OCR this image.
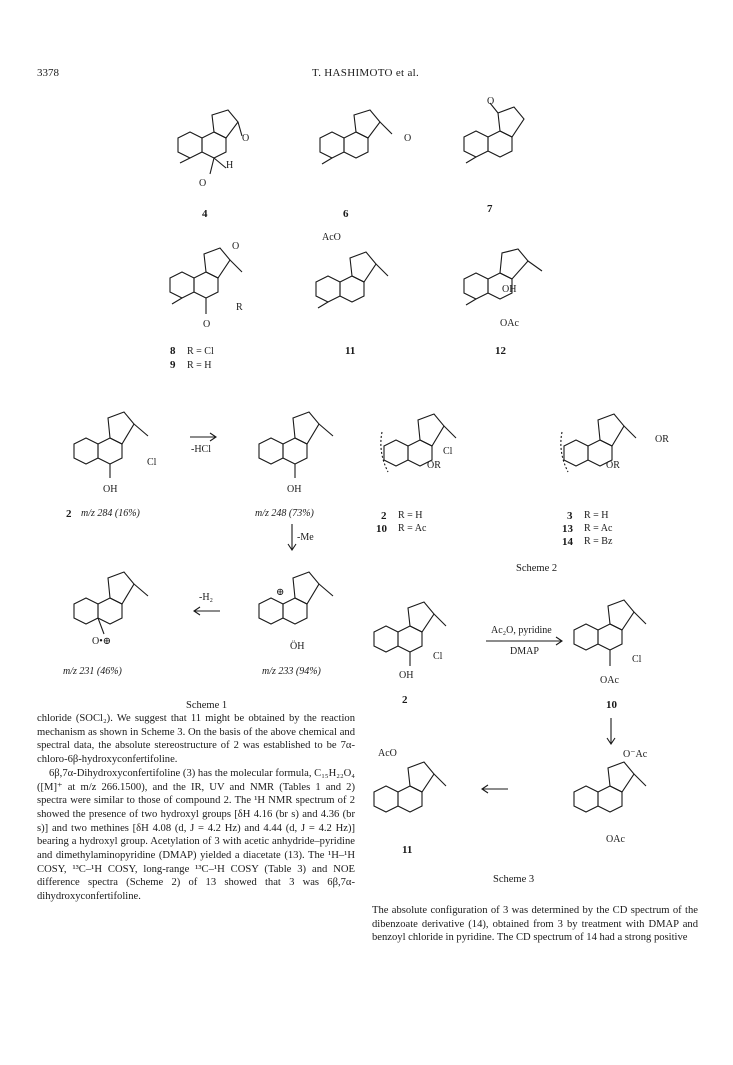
3378	T. HASHIMOTO et al.
O
H
O
4
O
6
O
7
O
R
O
8 R = Cl
9 R = H
AcO
11
OH
OAc
12
Cl
OH
2 m/z 284 (16%)
-HCl
OH
m/z 248 (73%)
-Me
O•⊕
m/z 231 (46%)
-H₂	⊕
ÖH
m/z 233 (94%)
Scheme 1
Cl
OR
2 R = H
10 R = Ac
OR
OR
3 R = H
13 R = Ac
14 R = Bz
Scheme 2
Cl
OH
2
Ac₂O, pyridine
DMAP
Cl
OAc
10
O⁻Ac
OAc
AcO
11
Scheme 3

chloride (SOCl₂). We suggest that 11 might be obtained by the reaction mechanism as shown in Scheme 3. On the basis of the above chemical and spectral data, the absolute stereostructure of 2 was established to be 7α-chloro-6β-hydroxyconfertifoline.

6β,7α-Dihydroxyconfertifoline (3) has the molecular formula, C₁₅H₂₂O₄ ([M]⁺ at m/z 266.1500), and the IR, UV and NMR (Tables 1 and 2) spectra were similar to those of compound 2. The ¹H NMR spectrum of 2 showed the presence of two hydroxyl groups [δH 4.16 (br s) and 4.36 (br s)] and two methines [δH 4.08 (d, J = 4.2 Hz) and 4.44 (d, J = 4.2 Hz)] bearing a hydroxyl group. Acetylation of 3 with acetic anhydride–pyridine and dimethylaminopyridine (DMAP) yielded a diacetate (13). The ¹H–¹H COSY, ¹³C–¹H COSY, long-range ¹³C–¹H COSY (Table 3) and NOE difference spectra (Scheme 2) of 13 showed that 3 was 6β,7α-dihydroxyconfertifoline.

The absolute configuration of 3 was determined by the CD spectrum of the dibenzoate derivative (14), obtained from 3 by treatment with DMAP and benzoyl chloride in pyridine. The CD spectrum of 14 had a strong positive
